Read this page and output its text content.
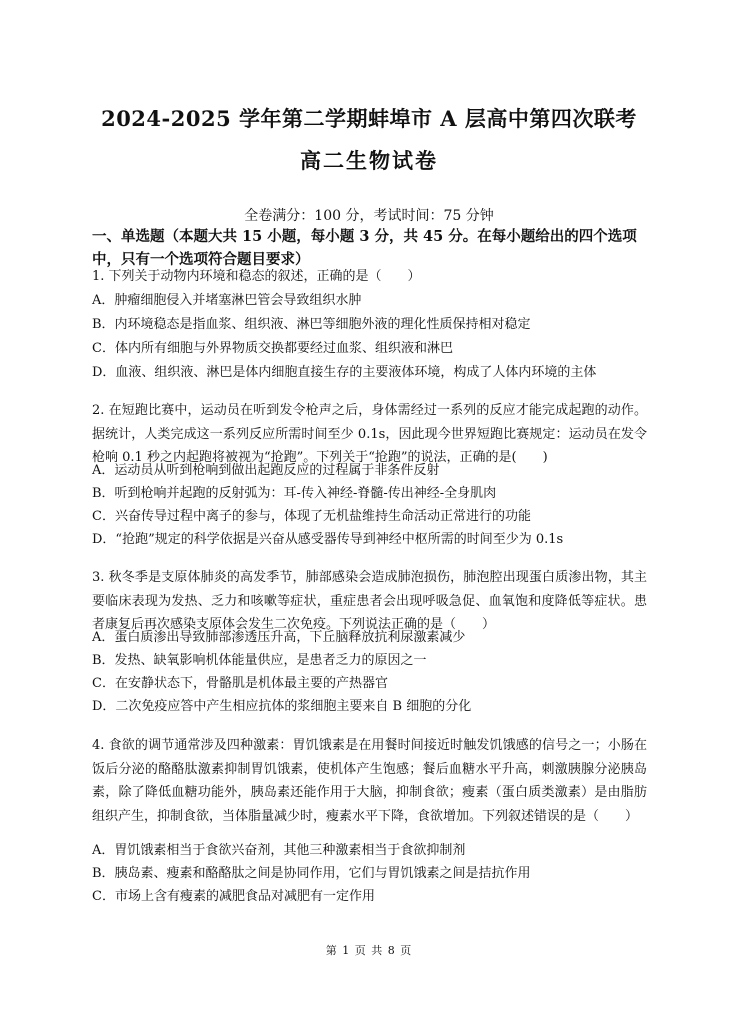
2024-2025 学年第二学期蚌埠市 A 层高中第四次联考
高二生物试卷
全卷满分：100 分，考试时间：75 分钟
一、单选题（本题大共 15 小题，每小题 3 分，共 45 分。在每小题给出的四个选项中，只有一个选项符合题目要求）
1. 下列关于动物内环境和稳态的叙述，正确的是（　　）
A．肿瘤细胞侵入并堵塞淋巴管会导致组织水肿
B．内环境稳态是指血浆、组织液、淋巴等细胞外液的理化性质保持相对稳定
C．体内所有细胞与外界物质交换都要经过血浆、组织液和淋巴
D．血液、组织液、淋巴是体内细胞直接生存的主要液体环境，构成了人体内环境的主体
2. 在短跑比赛中，运动员在听到发令枪声之后，身体需经过一系列的反应才能完成起跑的动作。据统计，人类完成这一系列反应所需时间至少 0.1s，因此现今世界短跑比赛规定：运动员在发令枪响 0.1 秒之内起跑将被视为“抢跑”。下列关于“抢跑”的说法，正确的是(　　)
A．运动员从听到枪响到做出起跑反应的过程属于非条件反射
B．听到枪响并起跑的反射弧为：耳-传入神经-脊髓-传出神经-全身肌肉
C．兴奋传导过程中离子的参与，体现了无机盐维持生命活动正常进行的功能
D．“抢跑”规定的科学依据是兴奋从感受器传导到神经中枢所需的时间至少为 0.1s
3. 秋冬季是支原体肺炎的高发季节，肺部感染会造成肺泡损伤，肺泡腔出现蛋白质渗出物，其主要临床表现为发热、乏力和咳嗽等症状，重症患者会出现呼吸急促、血氧饱和度降低等症状。患者康复后再次感染支原体会发生二次免疫。下列说法正确的是（　　）
A．蛋白质渗出导致肺部渗透压升高，下丘脑释放抗利尿激素减少
B．发热、缺氧影响机体能量供应，是患者乏力的原因之一
C．在安静状态下，骨骼肌是机体最主要的产热器官
D．二次免疫应答中产生相应抗体的浆细胞主要来自 B 细胞的分化
4. 食欲的调节通常涉及四种激素：胃饥饿素是在用餐时间接近时触发饥饿感的信号之一；小肠在饭后分泌的酪酪肽激素抑制胃饥饿素，使机体产生饱感；餐后血糖水平升高，刺激胰腺分泌胰岛素，除了降低血糖功能外，胰岛素还能作用于大脑，抑制食欲；瘦素（蛋白质类激素）是由脂肪组织产生，抑制食欲，当体脂量减少时，瘦素水平下降，食欲增加。下列叙述错误的是（　　）
A．胃饥饿素相当于食欲兴奋剂，其他三种激素相当于食欲抑制剂
B．胰岛素、瘦素和酪酪肽之间是协同作用，它们与胃饥饿素之间是拮抗作用
C．市场上含有瘦素的减肥食品对减肥有一定作用
第 1 页 共 8 页
